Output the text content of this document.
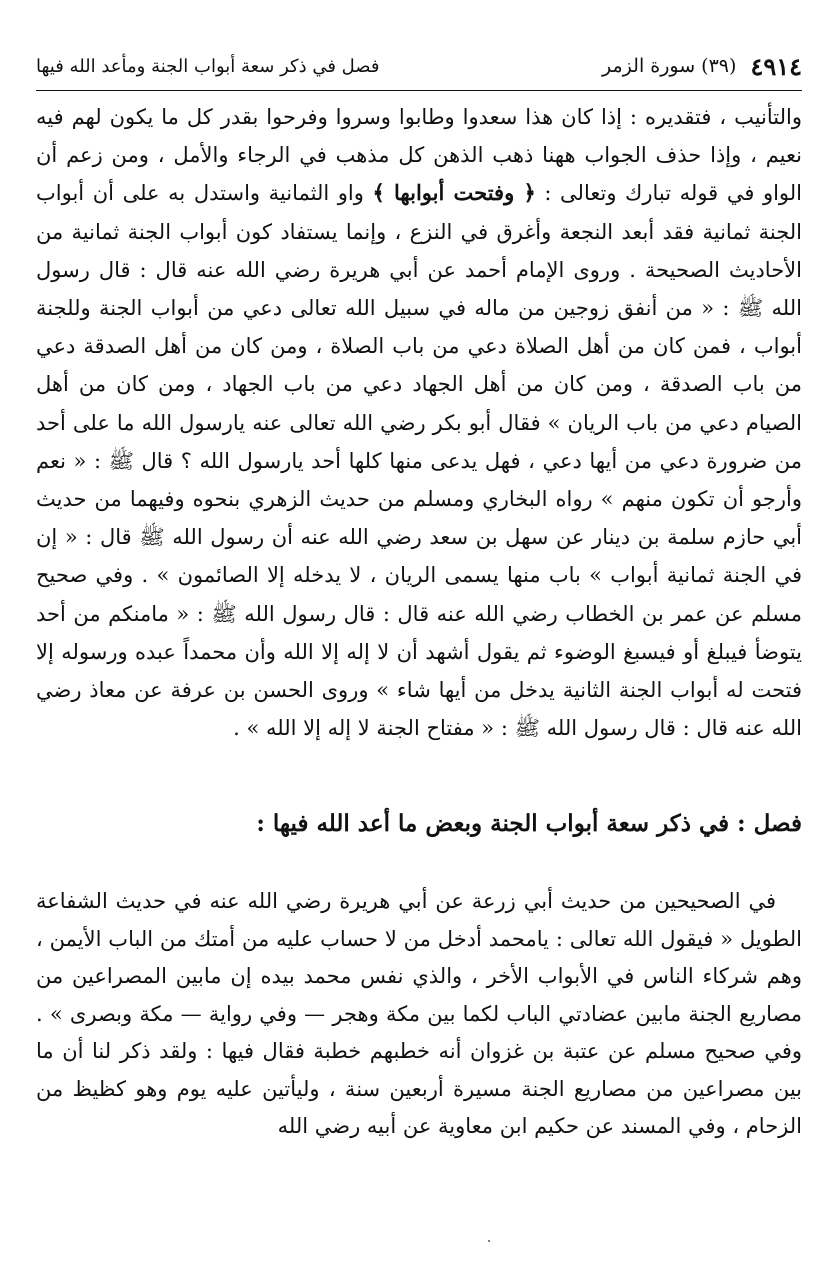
٤٩١٤
(٣٩) سورة الزمر
فصل في ذكر سعة أبواب الجنة ومأعد الله فيها

والتأنيب ، فتقديره : إذا كان هذا سعدوا وطابوا وسروا وفرحوا بقدر كل ما يكون لهم فيه نعيم ، وإذا حذف الجواب ههنا ذهب الذهن كل مذهب في الرجاء والأمل ، ومن زعم أن الواو في قوله تبارك وتعالى : ﴿ وفتحت أبوابها ﴾ واو الثمانية واستدل به على أن أبواب الجنة ثمانية فقد أبعد النجعة وأغرق في النزع ، وإنما يستفاد كون أبواب الجنة ثمانية من الأحاديث الصحيحة . وروى الإمام أحمد عن أبي هريرة رضي الله عنه قال : قال رسول الله ﷺ : « من أنفق زوجين من ماله في سبيل الله تعالى دعي من أبواب الجنة وللجنة أبواب ، فمن كان من أهل الصلاة دعي من باب الصلاة ، ومن كان من أهل الصدقة دعي من باب الصدقة ، ومن كان من أهل الجهاد دعي من باب الجهاد ، ومن كان من أهل الصيام دعي من باب الريان » فقال أبو بكر رضي الله تعالى عنه يارسول الله ما على أحد من ضرورة دعي من أيها دعي ، فهل يدعى منها كلها أحد يارسول الله ؟ قال ﷺ : « نعم وأرجو أن تكون منهم » رواه البخاري ومسلم من حديث الزهري بنحوه وفيهما من حديث أبي حازم سلمة بن دينار عن سهل بن سعد رضي الله عنه أن رسول الله ﷺ قال : « إن في الجنة ثمانية أبواب » باب منها يسمى الريان ، لا يدخله إلا الصائمون » . وفي صحيح مسلم عن عمر بن الخطاب رضي الله عنه قال : قال رسول الله ﷺ : « مامنكم من أحد يتوضأ فيبلغ أو فيسبغ الوضوء ثم يقول أشهد أن لا إله إلا الله وأن محمداً عبده ورسوله إلا فتحت له أبواب الجنة الثانية يدخل من أيها شاء » وروى الحسن بن عرفة عن معاذ رضي الله عنه قال : قال رسول الله ﷺ : « مفتاح الجنة لا إله إلا الله » .

فصل : في ذكر سعة أبواب الجنة وبعض ما أعد الله فيها :

في الصحيحين من حديث أبي زرعة عن أبي هريرة رضي الله عنه في حديث الشفاعة الطويل « فيقول الله تعالى : يامحمد أدخل من لا حساب عليه من أمتك من الباب الأيمن ، وهم شركاء الناس في الأبواب الأخر ، والذي نفس محمد بيده إن مابين المصراعين من مصاريع الجنة مابين عضادتي الباب لكما بين مكة وهجر — وفي رواية — مكة وبصرى » . وفي صحيح مسلم عن عتبة بن غزوان أنه خطبهم خطبة فقال فيها : ولقد ذكر لنا أن ما بين مصراعين من مصاريع الجنة مسيرة أربعين سنة ، وليأتين عليه يوم وهو كظيظ من الزحام ، وفي المسند عن حكيم ابن معاوية عن أبيه رضي الله
